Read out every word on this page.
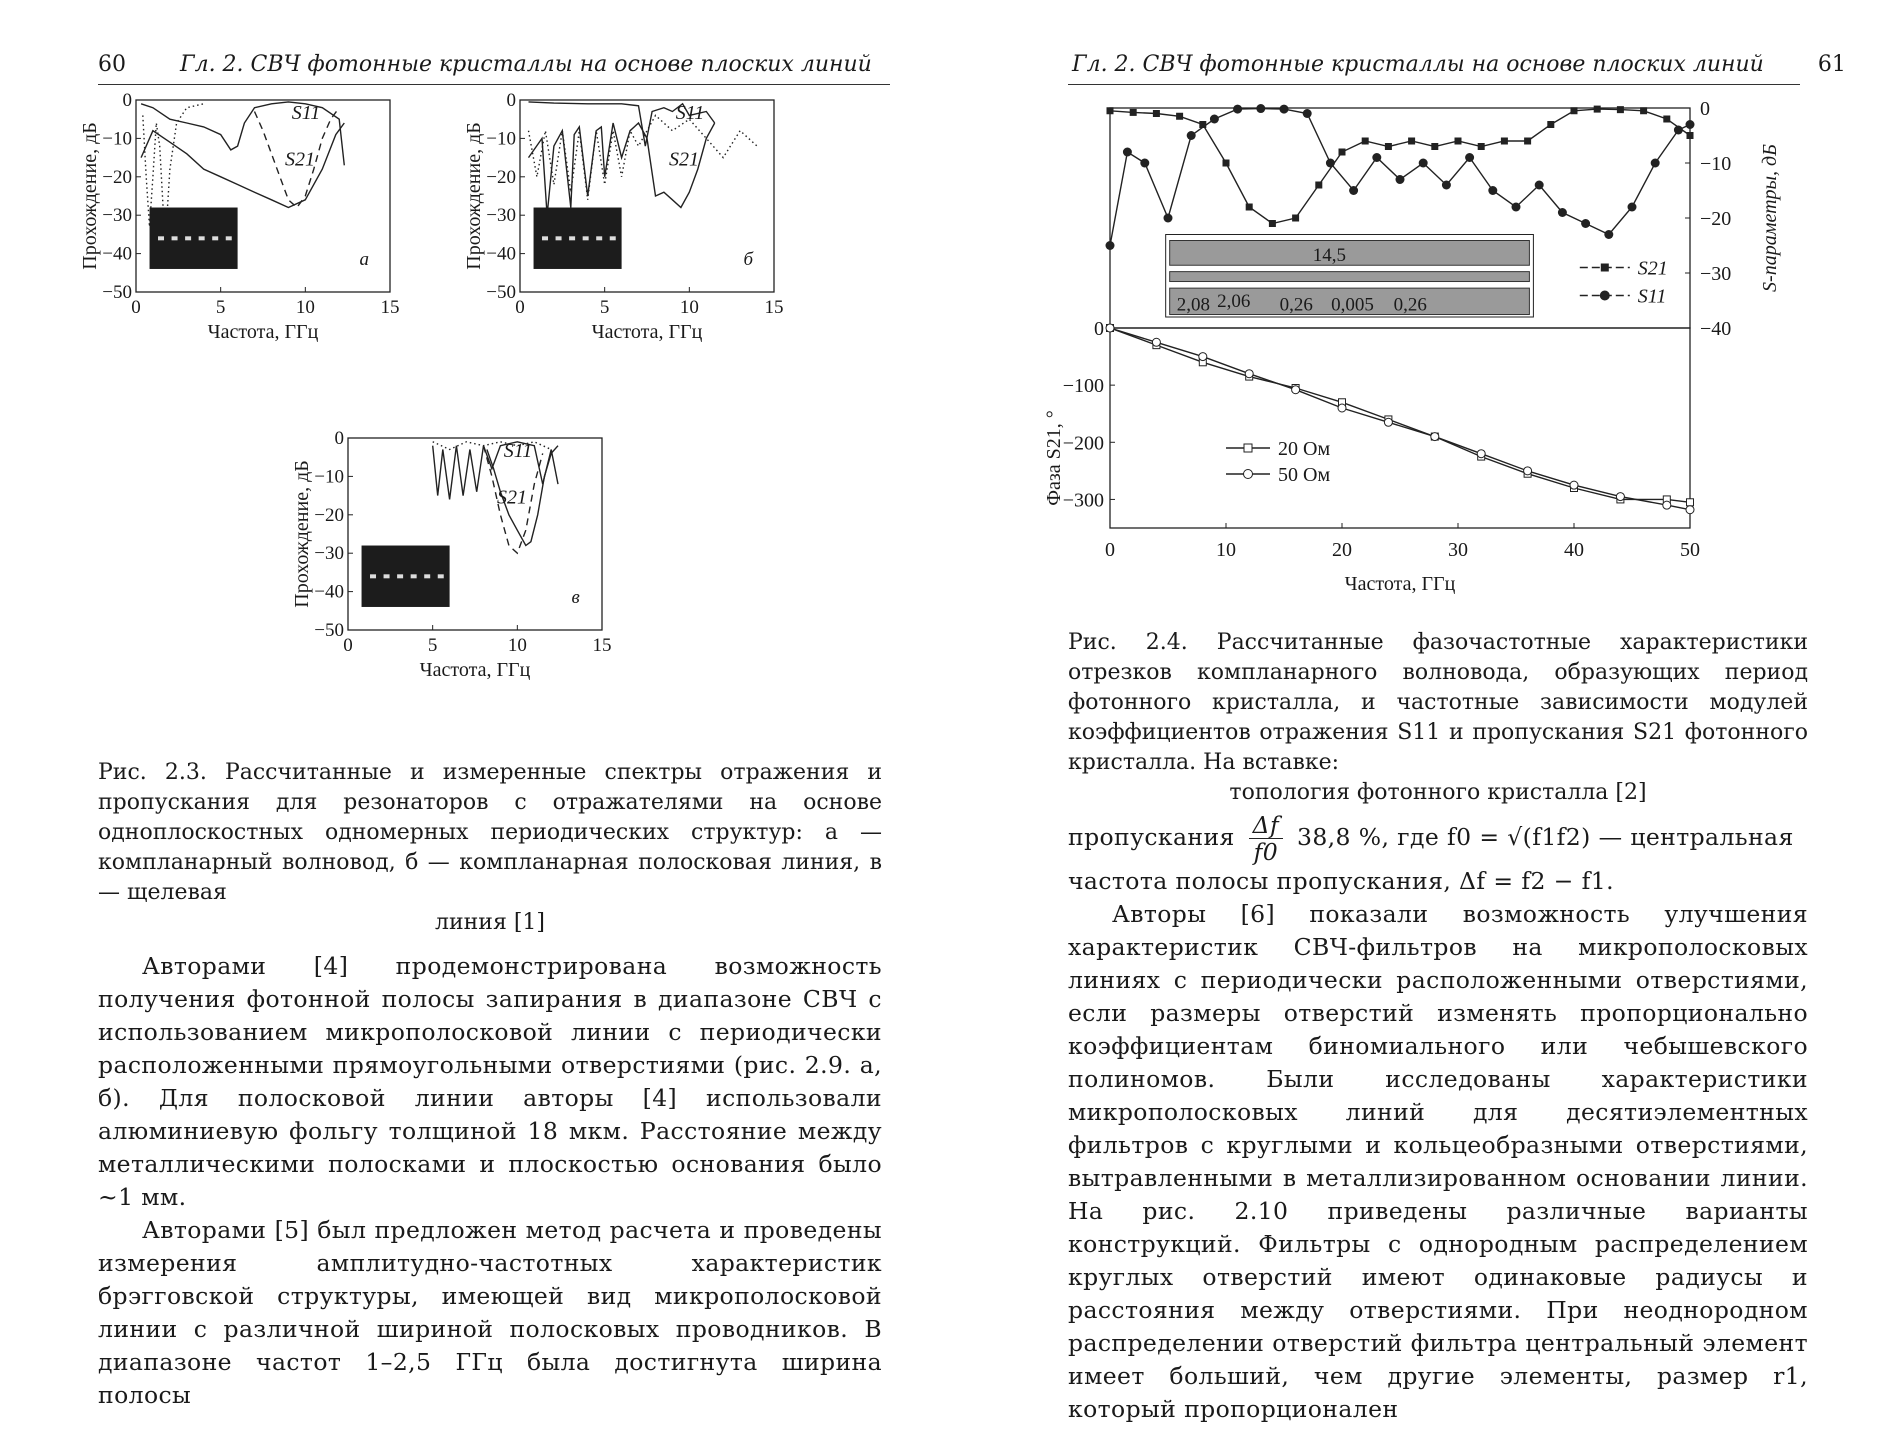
60 Гл. 2. СВЧ фотонные кристаллы на основе плоских линий
0	5	10	15
0
−10
−20
−30
−40
−50
Частота, ГГц
Прохождение, дБ
S11
S21
а
0	5	10	15
0
−10
−20
−30
−40
−50
Частота, ГГц
Прохождение, дБ
S11
S21
б
0	5	10	15
0
−10
−20
−30
−40
−50
Частота, ГГц
Прохождение, дБ
S11
S21
в
Рис. 2.3. Рассчитанные и измеренные спектры отражения и пропускания для резонаторов с отражателями на основе одноплоскостных одномерных периодических структур: а — компланарный волновод, б — компланарная полосковая линия, в — щелевая
линия [1]

Авторами [4] продемонстрирована возможность получения фотонной полосы запирания в диапазоне СВЧ с использованием микрополосковой линии с периодически расположенными прямоугольными отверстиями (рис. 2.9. а, б). Для полосковой линии авторы [4] использовали алюминиевую фольгу толщиной 18 мкм. Расстояние между металлическими полосками и плоскостью основания было ~1 мм.

Авторами [5] был предложен метод расчета и проведены измерения амплитудно-частотных характеристик брэгговской структуры, имеющей вид микрополосковой линии с различной шириной полосковых проводников. В диапазоне частот 1–2,5 ГГц была достигнута ширина полосы

Гл. 2. СВЧ фотонные кристаллы на основе плоских линий 61
0
−10
−20
−30
−40
S-параметры, дБ
14,5
2,08 2,06 0,26 0,005 0,26
S21
S11
0	10	20	30	40	50
0
−100
−200
−300
Частота, ГГц
Фаза S21, °	20 Ом
50 Ом
Рис. 2.4. Рассчитанные фазочастотные характеристики отрезков компланарного волновода, образующих период фотонного кристалла, и частотные зависимости модулей коэффициентов отражения S11 и пропускания S21 фотонного кристалла. На вставке:
топология фотонного кристалла [2]

пропускания $\frac{\Delta f}{f0} 38,8$ %, где f0 = √(f1f2) — центральная

частота полосы пропускания, Δf = f2 − f1.

Авторы [6] показали возможность улучшения характеристик СВЧ-фильтров на микрополосковых линиях с периодически расположенными отверстиями, если размеры отверстий изменять пропорционально коэффициентам биномиального или чебышевского полиномов. Были исследованы характеристики микрополосковых линий для десятиэлементных фильтров с круглыми и кольцеобразными отверстиями, вытравленными в металлизированном основании линии. На рис. 2.10 приведены различные варианты конструкций. Фильтры с однородным распределением круглых отверстий имеют одинаковые радиусы и расстояния между отверстиями. При неоднородном распределении отверстий фильтра центральный элемент имеет больший, чем другие элементы, размер r1, который пропорционален
